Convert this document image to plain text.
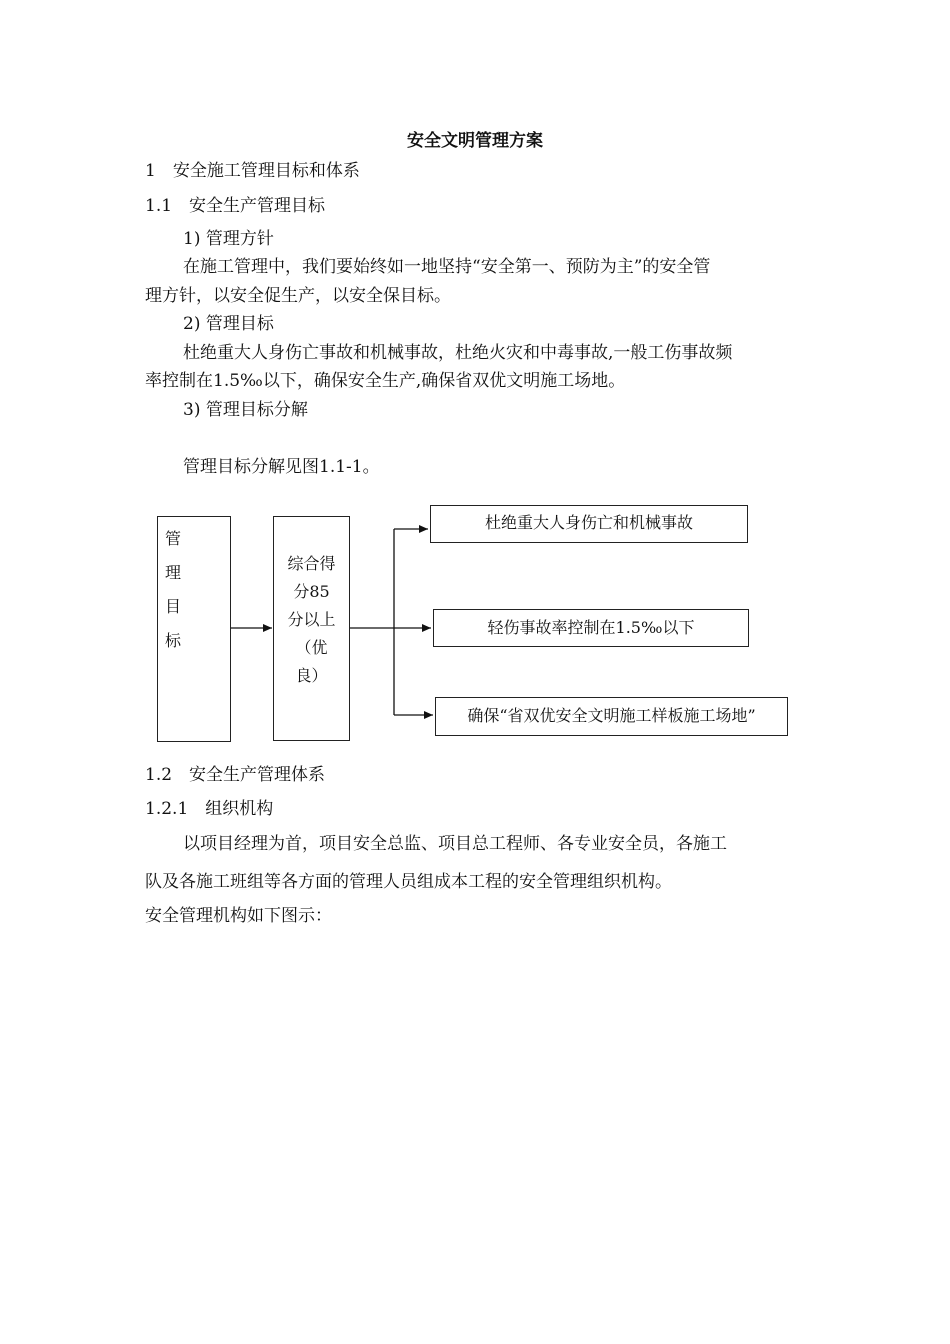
安全文明管理方案
1　安全施工管理目标和体系
1.1　安全生产管理目标
1) 管理方针
在施工管理中，我们要始终如一地坚持“安全第一、预防为主”的安全管
理方针，以安全促生产，以安全保目标。
2) 管理目标
杜绝重大人身伤亡事故和机械事故，杜绝火灾和中毒事故,一般工伤事故频
率控制在1.5‰以下，确保安全生产,确保省双优文明施工场地。
3) 管理目标分解
管理目标分解见图1.1-1。
管
理
目
标
综合得
分85
分以上
（优
良）
杜绝重大人身伤亡和机械事故
轻伤事故率控制在1.5‰以下
确保“省双优安全文明施工样板施工场地”
1.2　安全生产管理体系
1.2.1　组织机构
以项目经理为首，项目安全总监、项目总工程师、各专业安全员，各施工
队及各施工班组等各方面的管理人员组成本工程的安全管理组织机构。
安全管理机构如下图示：
